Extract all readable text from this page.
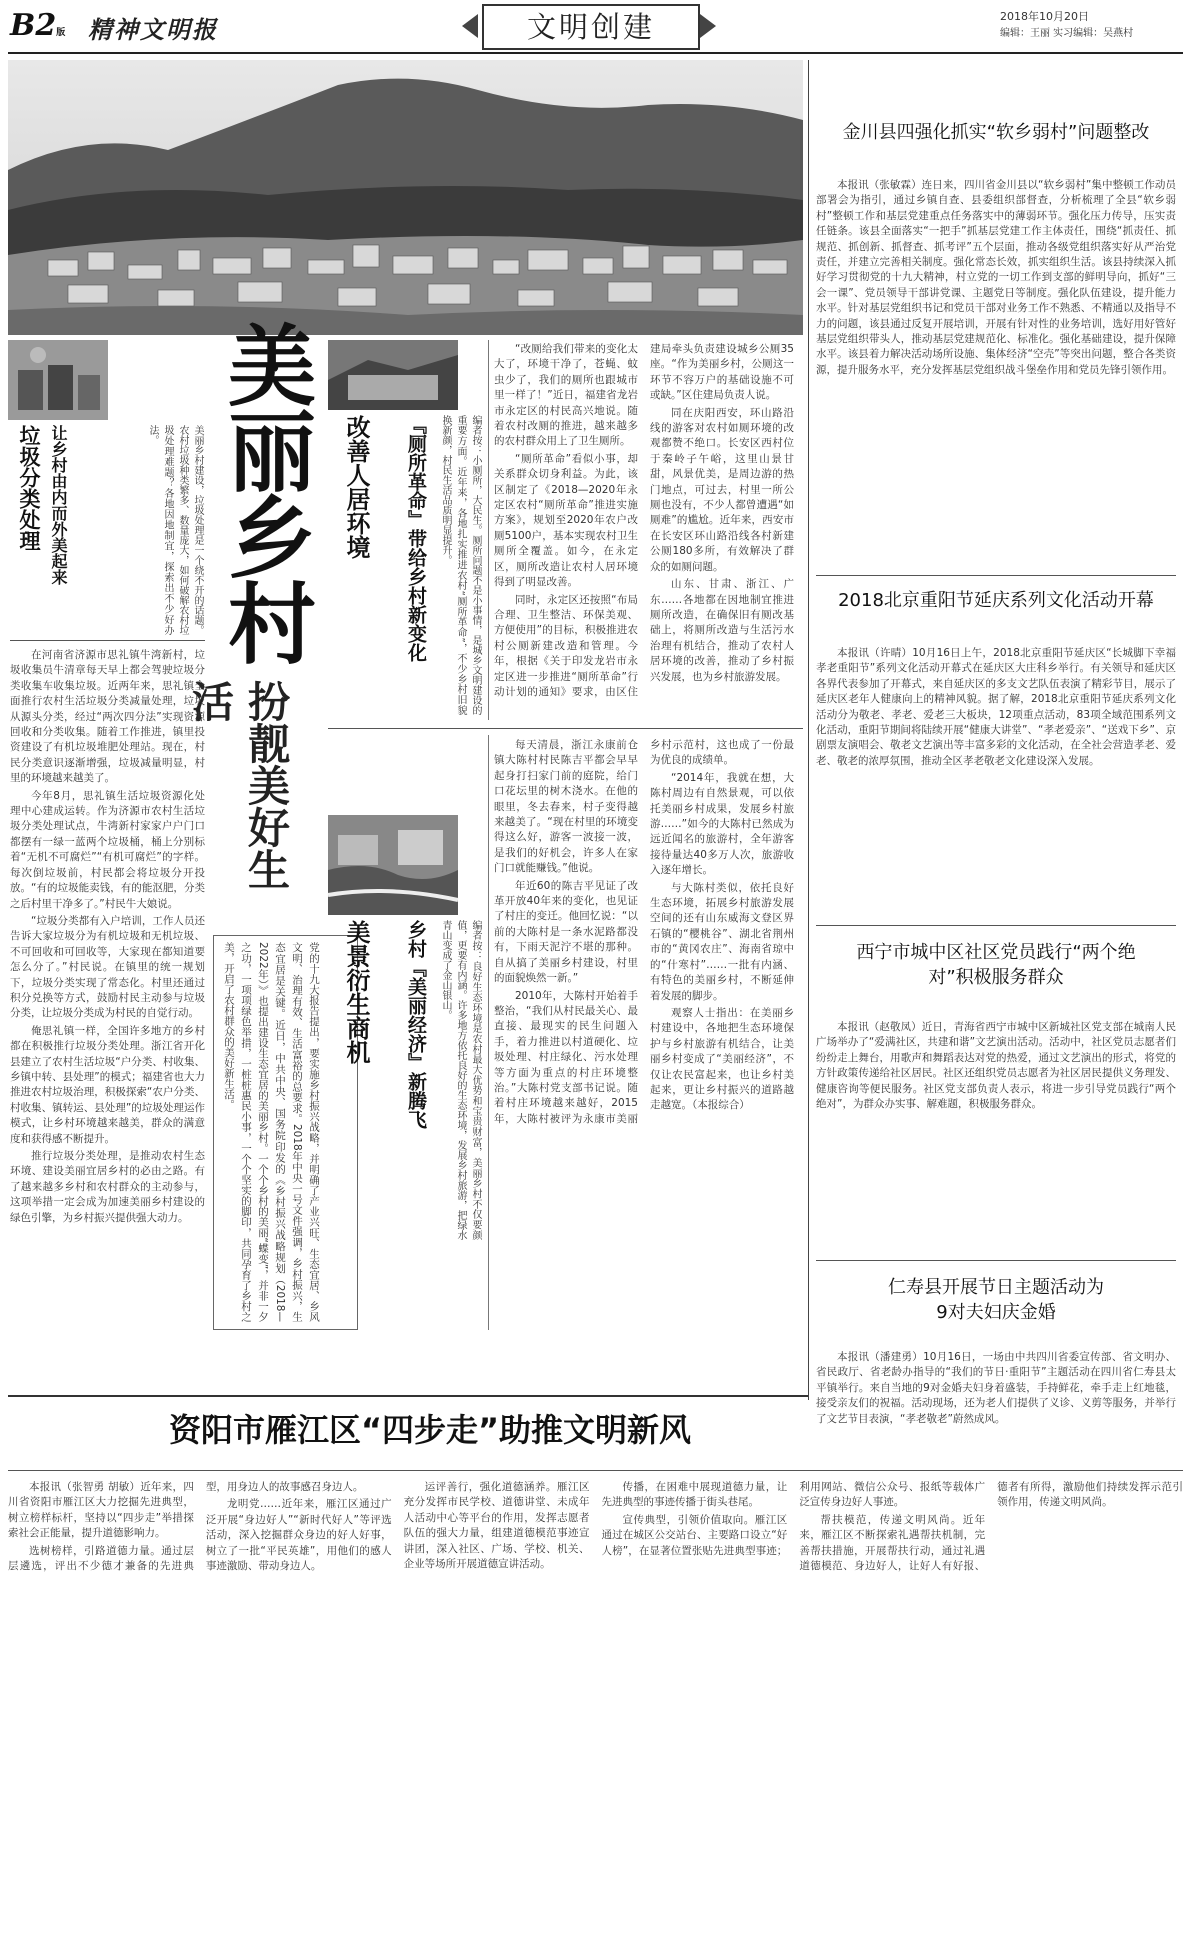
B2版 精神文明报	文明创建	2018年10月20日
编辑：王丽 实习编辑：吴燕村
美丽乡村
扮靓美好生活
党的十九大报告提出，要实施乡村振兴战略，并明确了产业兴旺、生态宜居、乡风文明、治理有效、生活富裕的总要求。2018年中央一号文件强调，乡村振兴，生态宜居是关键。近日，中共中央、国务院印发的《乡村振兴战略规划（2018—2022年）》也提出建设生态宜居的美丽乡村。一个个乡村的美丽“蝶变”，并非一夕之功，一项项绿色举措，一桩桩惠民小事，一个个坚实的脚印，共同孕育了乡村之美，开启了农村群众的美好新生活。
让乡村由内而外美起来
垃圾分类处理	美丽乡村建设，垃圾处理是一个绕不开的话题。农村垃圾种类繁多、数量庞大，如何破解农村垃圾处理难题？各地因地制宜，探索出不少好办法。

在河南省济源市思礼镇牛湾新村，垃圾收集员牛清章每天早上都会驾驶垃圾分类收集车收集垃圾。近两年来，思礼镇全面推行农村生活垃圾分类减量处理，垃圾从源头分类，经过“两次四分法”实现资源回收和分类收集。随着工作推进，镇里投资建设了有机垃圾堆肥处理站。现在，村民分类意识逐渐增强，垃圾减量明显，村里的环境越来越美了。

今年8月，思礼镇生活垃圾资源化处理中心建成运转。作为济源市农村生活垃圾分类处理试点，牛湾新村家家户户门口都摆有一绿一蓝两个垃圾桶，桶上分别标着“无机不可腐烂”“有机可腐烂”的字样。每次倒垃圾前，村民都会将垃圾分开投放。“有的垃圾能卖钱，有的能沤肥，分类之后村里干净多了。”村民牛大娘说。

“垃圾分类都有入户培训，工作人员还告诉大家垃圾分为有机垃圾和无机垃圾、不可回收和可回收等，大家现在都知道要怎么分了。”村民说。在镇里的统一规划下，垃圾分类实现了常态化。村里还通过积分兑换等方式，鼓励村民主动参与垃圾分类，让垃圾分类成为村民的自觉行动。

俺思礼镇一样，全国许多地方的乡村都在积极推行垃圾分类处理。浙江省开化县建立了农村生活垃圾“户分类、村收集、乡镇中转、县处理”的模式；福建省也大力推进农村垃圾治理，积极探索“农户分类、村收集、镇转运、县处理”的垃圾处理运作模式，让乡村环境越来越美，群众的满意度和获得感不断提升。

推行垃圾分类处理，是推动农村生态环境、建设美丽宜居乡村的必由之路。有了越来越多乡村和农村群众的主动参与，这项举措一定会成为加速美丽乡村建设的绿色引擎，为乡村振兴提供强大动力。

『厕所革命』带给乡村新变化
改善人居环境	编者按：小厕所，大民生。厕所问题不是小事情，是城乡文明建设的重要方面。近年来，各地扎实推进农村“厕所革命”，不少乡村旧貌换新颜，村民生活品质明显提升。

“改厕给我们带来的变化太大了，环境干净了，苍蝇、蚊虫少了，我们的厕所也跟城市里一样了！”近日，福建省龙岩市永定区的村民高兴地说。随着农村改厕的推进，越来越多的农村群众用上了卫生厕所。

“厕所革命”看似小事，却关系群众切身利益。为此，该区制定了《2018—2020年永定区农村“厕所革命”推进实施方案》，规划至2020年农户改厕5100户，基本实现农村卫生厕所全覆盖。如今，在永定区，厕所改造让农村人居环境得到了明显改善。

同时，永定区还按照“布局合理、卫生整洁、环保美观、方便使用”的目标，积极推进农村公厕新建改造和管理。今年，根据《关于印发龙岩市永定区进一步推进“厕所革命”行动计划的通知》要求，由区住建局牵头负责建设城乡公厕35座。“作为美丽乡村，公厕这一环节不容万户的基础设施不可或缺。”区住建局负责人说。

同在庆阳西安，环山路沿线的游客对农村如厕环境的改观都赞不绝口。长安区西村位于秦岭子午峪，这里山景甘甜，风景优美，是周边游的热门地点，可过去，村里一所公厕也没有，不少人都曾遭遇“如厕难”的尴尬。近年来，西安市在长安区环山路沿线各村新建公厕180多所，有效解决了群众的如厕问题。

山东、甘肃、浙江、广东……各地都在因地制宜推进厕所改造，在确保旧有厕改基础上，将厕所改造与生活污水治理有机结合，推动了农村人居环境的改善，推动了乡村振兴发展，也为乡村旅游发展。

乡村『美丽经济』新腾飞
美景衍生商机	编者按：良好生态环境是农村最大优势和宝贵财富，美丽乡村不仅要颜值，更要有内涵。许多地方依托良好的生态环境，发展乡村旅游，把绿水青山变成了金山银山。

每天清晨，浙江永康前仓镇大陈村村民陈吉平都会早早起身打扫家门前的庭院，给门口花坛里的树木浇水。在他的眼里，冬去春来，村子变得越来越美了。“现在村里的环境变得这么好，游客一波接一波，是我们的好机会，许多人在家门口就能赚钱。”他说。

年近60的陈吉平见证了改革开放40年来的变化，也见证了村庄的变迁。他回忆说：“以前的大陈村是一条水泥路都没有，下雨天泥泞不堪的那种。自从搞了美丽乡村建设，村里的面貌焕然一新。”

2010年，大陈村开始着手整治，“我们从村民最关心、最直接、最现实的民生问题入手，着力推进以村道硬化、垃圾处理、村庄绿化、污水处理等方面为重点的村庄环境整治。”大陈村党支部书记说。随着村庄环境越来越好，2015年，大陈村被评为永康市美丽乡村示范村，这也成了一份最为优良的成绩单。

“2014年，我就在想，大陈村周边有自然景观，可以依托美丽乡村成果，发展乡村旅游……”如今的大陈村已然成为远近闻名的旅游村，全年游客接待量达40多万人次，旅游收入逐年增长。

与大陈村类似，依托良好生态环境，拓展乡村旅游发展空间的还有山东威海文登区界石镇的“樱桃谷”、湖北省荆州市的“黄冈农庄”、海南省琼中的“什寒村”……一批有内涵、有特色的美丽乡村，不断延伸着发展的脚步。

观察人士指出：在美丽乡村建设中，各地把生态环境保护与乡村旅游有机结合，让美丽乡村变成了“美丽经济”，不仅让农民富起来，也让乡村美起来，更让乡村振兴的道路越走越宽。（本报综合）

金川县四强化抓实“软乡弱村”问题整改
本报讯（张敏霖）连日来，四川省金川县以“软乡弱村”集中整顿工作动员部署会为指引，通过乡镇自查、县委组织部督查，分析梳理了全县“软乡弱村”整顿工作和基层党建重点任务落实中的薄弱环节。强化压力传导，压实责任链条。该县全面落实“一把手”抓基层党建工作主体责任，围绕“抓责任、抓规范、抓创新、抓督查、抓考评”五个层面，推动各级党组织落实好从严治党责任，并建立完善相关制度。强化常态长效，抓实组织生活。该县持续深入抓好学习贯彻党的十九大精神，村立党的一切工作到支部的鲜明导向，抓好“三会一课”、党员领导干部讲党课、主题党日等制度。强化队伍建设，提升能力水平。针对基层党组织书记和党员干部对业务工作不熟悉、不精通以及指导不力的问题，该县通过反复开展培训，开展有针对性的业务培训，选好用好管好基层党组织带头人，推动基层党建规范化、标准化。强化基础建设，提升保障水平。该县着力解决活动场所设施、集体经济“空壳”等突出问题，整合各类资源，提升服务水平，充分发挥基层党组织战斗堡垒作用和党员先锋引领作用。
2018北京重阳节延庆系列文化活动开幕
本报讯（许晴）10月16日上午，2018北京重阳节延庆区“长城脚下幸福孝老重阳节”系列文化活动开幕式在延庆区大庄科乡举行。有关领导和延庆区各界代表参加了开幕式，来自延庆区的多支文艺队伍表演了精彩节目，展示了延庆区老年人健康向上的精神风貌。据了解，2018北京重阳节延庆系列文化活动分为敬老、孝老、爱老三大板块，12项重点活动，83项全域范围系列文化活动，重阳节期间将陆续开展“健康大讲堂”、“孝老爱亲”、“送戏下乡”、京剧票友演唱会、敬老文艺演出等丰富多彩的文化活动，在全社会营造孝老、爱老、敬老的浓厚氛围，推动全区孝老敬老文化建设深入发展。
西宁市城中区社区党员践行“两个绝对”积极服务群众
本报讯（赵敬凤）近日，青海省西宁市城中区新城社区党支部在城南人民广场举办了“爱满社区，共建和谐”文艺演出活动。活动中，社区党员志愿者们纷纷走上舞台，用歌声和舞蹈表达对党的热爱，通过文艺演出的形式，将党的方针政策传递给社区居民。社区还组织党员志愿者为社区居民提供义务理发、健康咨询等便民服务。社区党支部负责人表示，将进一步引导党员践行“两个绝对”，为群众办实事、解难题，积极服务群众。
仁寿县开展节日主题活动为9对夫妇庆金婚
本报讯（潘建勇）10月16日，一场由中共四川省委宣传部、省文明办、省民政厅、省老龄办指导的“我们的节日·重阳节”主题活动在四川省仁寿县太平镇举行。来自当地的9对金婚夫妇身着盛装，手持鲜花，牵手走上红地毯，接受亲友们的祝福。活动现场，还为老人们提供了义诊、义剪等服务，并举行了文艺节目表演，“孝老敬老”蔚然成风。
资阳市雁江区“四步走”助推文明新风

本报讯（张智勇 胡敏）近年来，四川省资阳市雁江区大力挖掘先进典型，树立榜样标杆，坚持以“四步走”举措探索社会正能量，提升道德影响力。

选树榜样，引路道德力量。通过层层遴选，评出不少德才兼备的先进典型，用身边人的故事感召身边人。

龙明党……近年来，雁江区通过广泛开展“身边好人”“新时代好人”等评选活动，深入挖掘群众身边的好人好事，树立了一批“平民英雄”，用他们的感人事迹激励、带动身边人。

运评善行，强化道德涵养。雁江区充分发挥市民学校、道德讲堂、未成年人活动中心等平台的作用，发挥志愿者队伍的强大力量，组建道德模范事迹宣讲团，深入社区、广场、学校、机关、企业等场所开展道德宣讲活动。

传播，在困难中展现道德力量，让先进典型的事迹传播于街头巷尾。

宣传典型，引领价值取向。雁江区通过在城区公交站台、主要路口设立“好人榜”，在显著位置张贴先进典型事迹；利用网站、微信公众号、报纸等载体广泛宣传身边好人事迹。

帮扶模范，传递文明风尚。近年来，雁江区不断探索礼遇帮扶机制，完善帮扶措施，开展帮扶行动，通过礼遇道德模范、身边好人，让好人有好报、德者有所得，激励他们持续发挥示范引领作用，传递文明风尚。
